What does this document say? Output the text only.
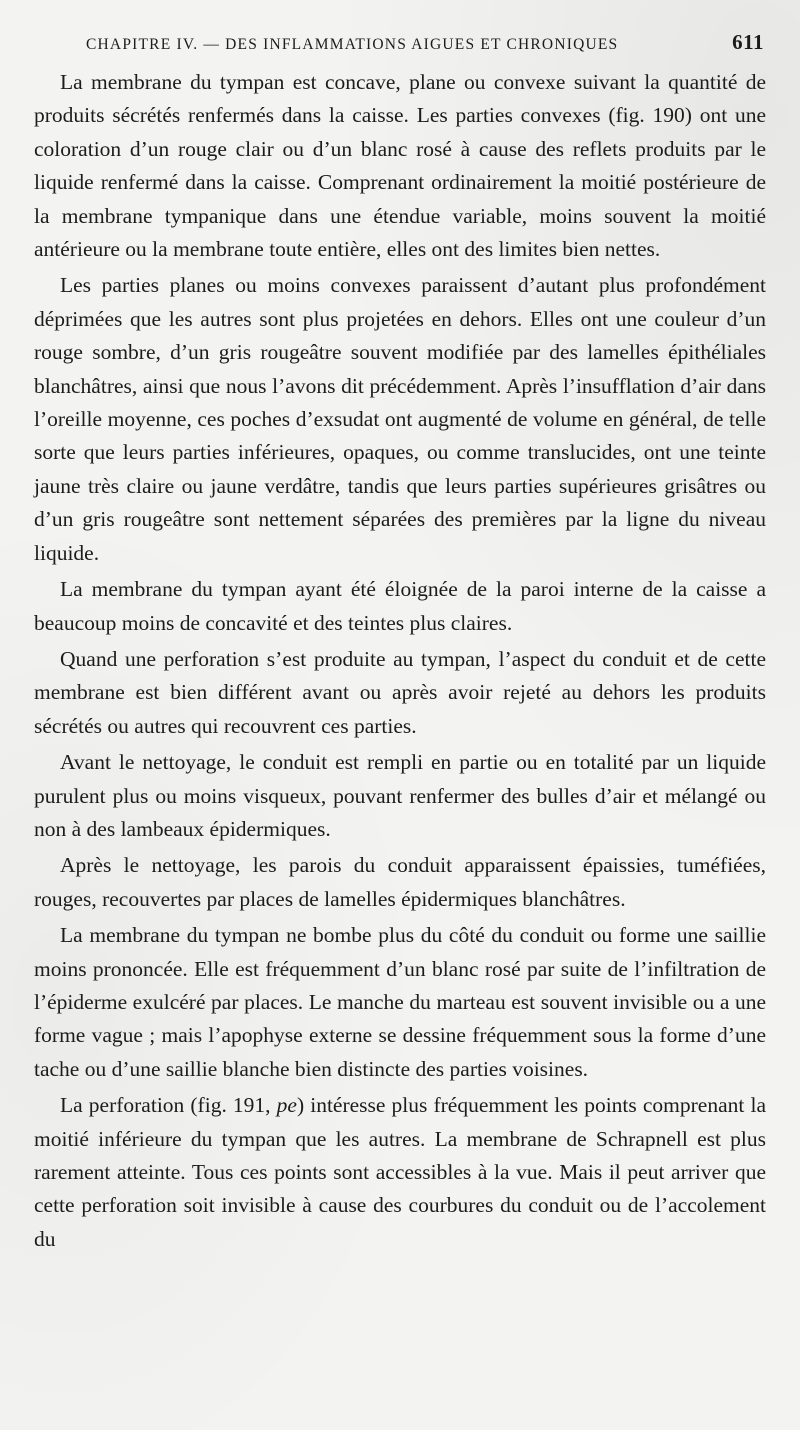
CHAPITRE IV. — DES INFLAMMATIONS AIGUES ET CHRONIQUES	611

La membrane du tympan est concave, plane ou convexe suivant la quantité de produits sécrétés renfermés dans la caisse. Les parties convexes (fig. 190) ont une coloration d’un rouge clair ou d’un blanc rosé à cause des reflets produits par le liquide renfermé dans la caisse. Comprenant ordinairement la moitié postérieure de la membrane tympanique dans une étendue variable, moins souvent la moitié antérieure ou la membrane toute entière, elles ont des limites bien nettes.

Les parties planes ou moins convexes paraissent d’autant plus profondément déprimées que les autres sont plus projetées en dehors. Elles ont une couleur d’un rouge sombre, d’un gris rougeâtre souvent modifiée par des lamelles épithéliales blanchâtres, ainsi que nous l’avons dit précédemment. Après l’insufflation d’air dans l’oreille moyenne, ces poches d’exsudat ont augmenté de volume en général, de telle sorte que leurs parties inférieures, opaques, ou comme translucides, ont une teinte jaune très claire ou jaune verdâtre, tandis que leurs parties supérieures grisâtres ou d’un gris rougeâtre sont nettement séparées des premières par la ligne du niveau liquide.

La membrane du tympan ayant été éloignée de la paroi interne de la caisse a beaucoup moins de concavité et des teintes plus claires.

Quand une perforation s’est produite au tympan, l’aspect du conduit et de cette membrane est bien différent avant ou après avoir rejeté au dehors les produits sécrétés ou autres qui recouvrent ces parties.

Avant le nettoyage, le conduit est rempli en partie ou en totalité par un liquide purulent plus ou moins visqueux, pouvant renfermer des bulles d’air et mélangé ou non à des lambeaux épidermiques.

Après le nettoyage, les parois du conduit apparaissent épaissies, tuméfiées, rouges, recouvertes par places de lamelles épidermiques blanchâtres.

La membrane du tympan ne bombe plus du côté du conduit ou forme une saillie moins prononcée. Elle est fréquemment d’un blanc rosé par suite de l’infiltration de l’épiderme exulcéré par places. Le manche du marteau est souvent invisible ou a une forme vague ; mais l’apophyse externe se dessine fréquemment sous la forme d’une tache ou d’une saillie blanche bien distincte des parties voisines.

La perforation (fig. 191, pe) intéresse plus fréquemment les points comprenant la moitié inférieure du tympan que les autres. La membrane de Schrapnell est plus rarement atteinte. Tous ces points sont accessibles à la vue. Mais il peut arriver que cette perforation soit invisible à cause des courbures du conduit ou de l’accolement du
